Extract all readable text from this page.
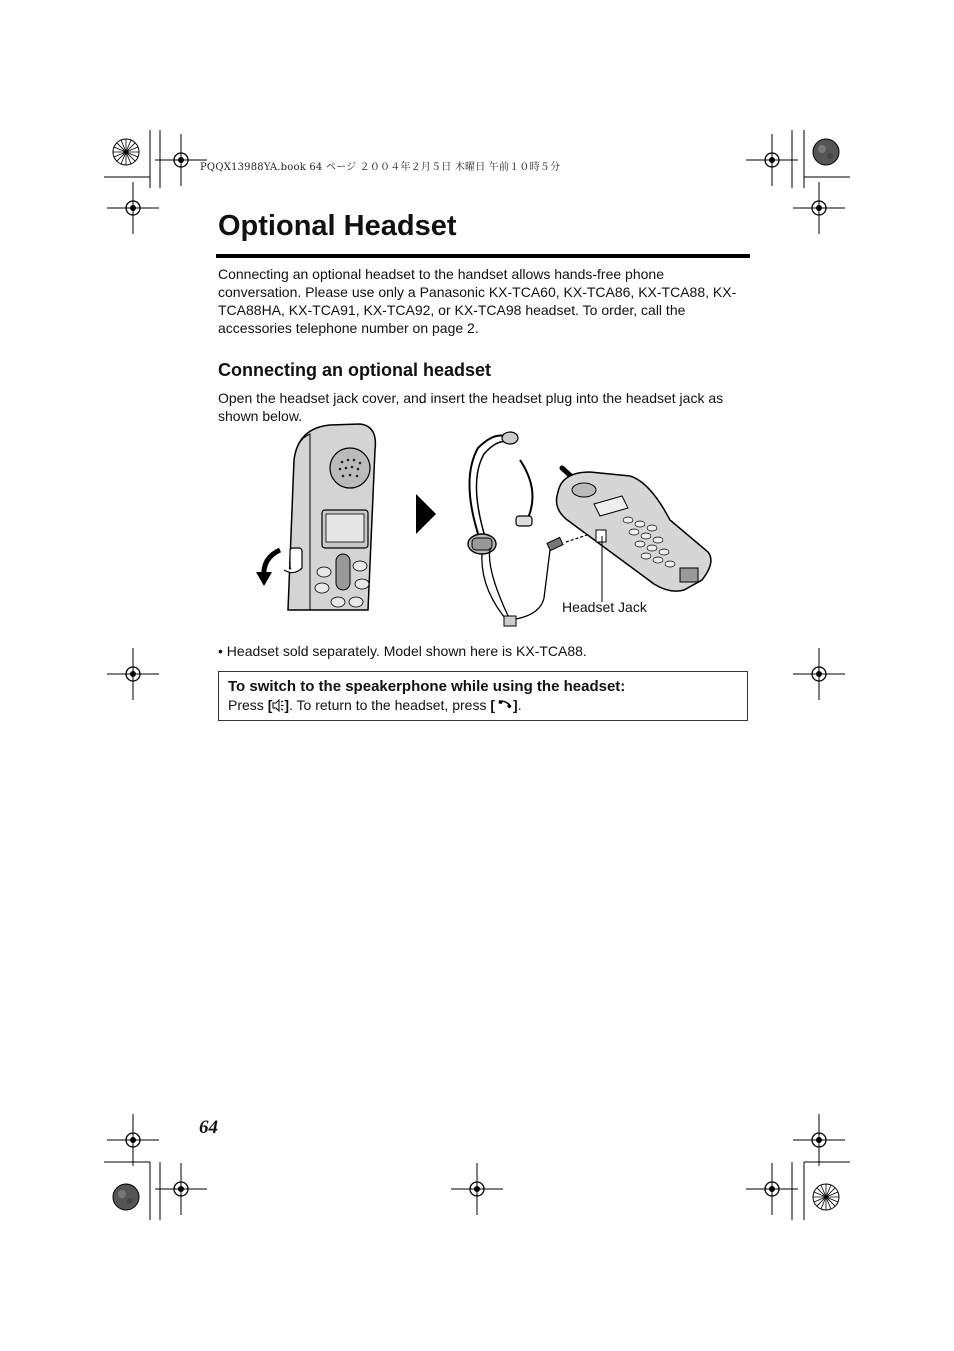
PQQX13988YA.book 64 ページ ２００４年２月５日 木曜日 午前１０時５分
Optional Headset

Connecting an optional headset to the handset allows hands-free phone conversation. Please use only a Panasonic KX-TCA60, KX-TCA86, KX-TCA88, KX-TCA88HA, KX-TCA91, KX-TCA92, or KX-TCA98 headset. To order, call the accessories telephone number on page 2.

Connecting an optional headset

Open the headset jack cover, and insert the headset plug into the headset jack as shown below.

Headset Jack
• Headset sold separately. Model shown here is KX-TCA88.
To switch to the speakerphone while using the headset:
Press [ ]. To return to the headset, press [ ].
64
